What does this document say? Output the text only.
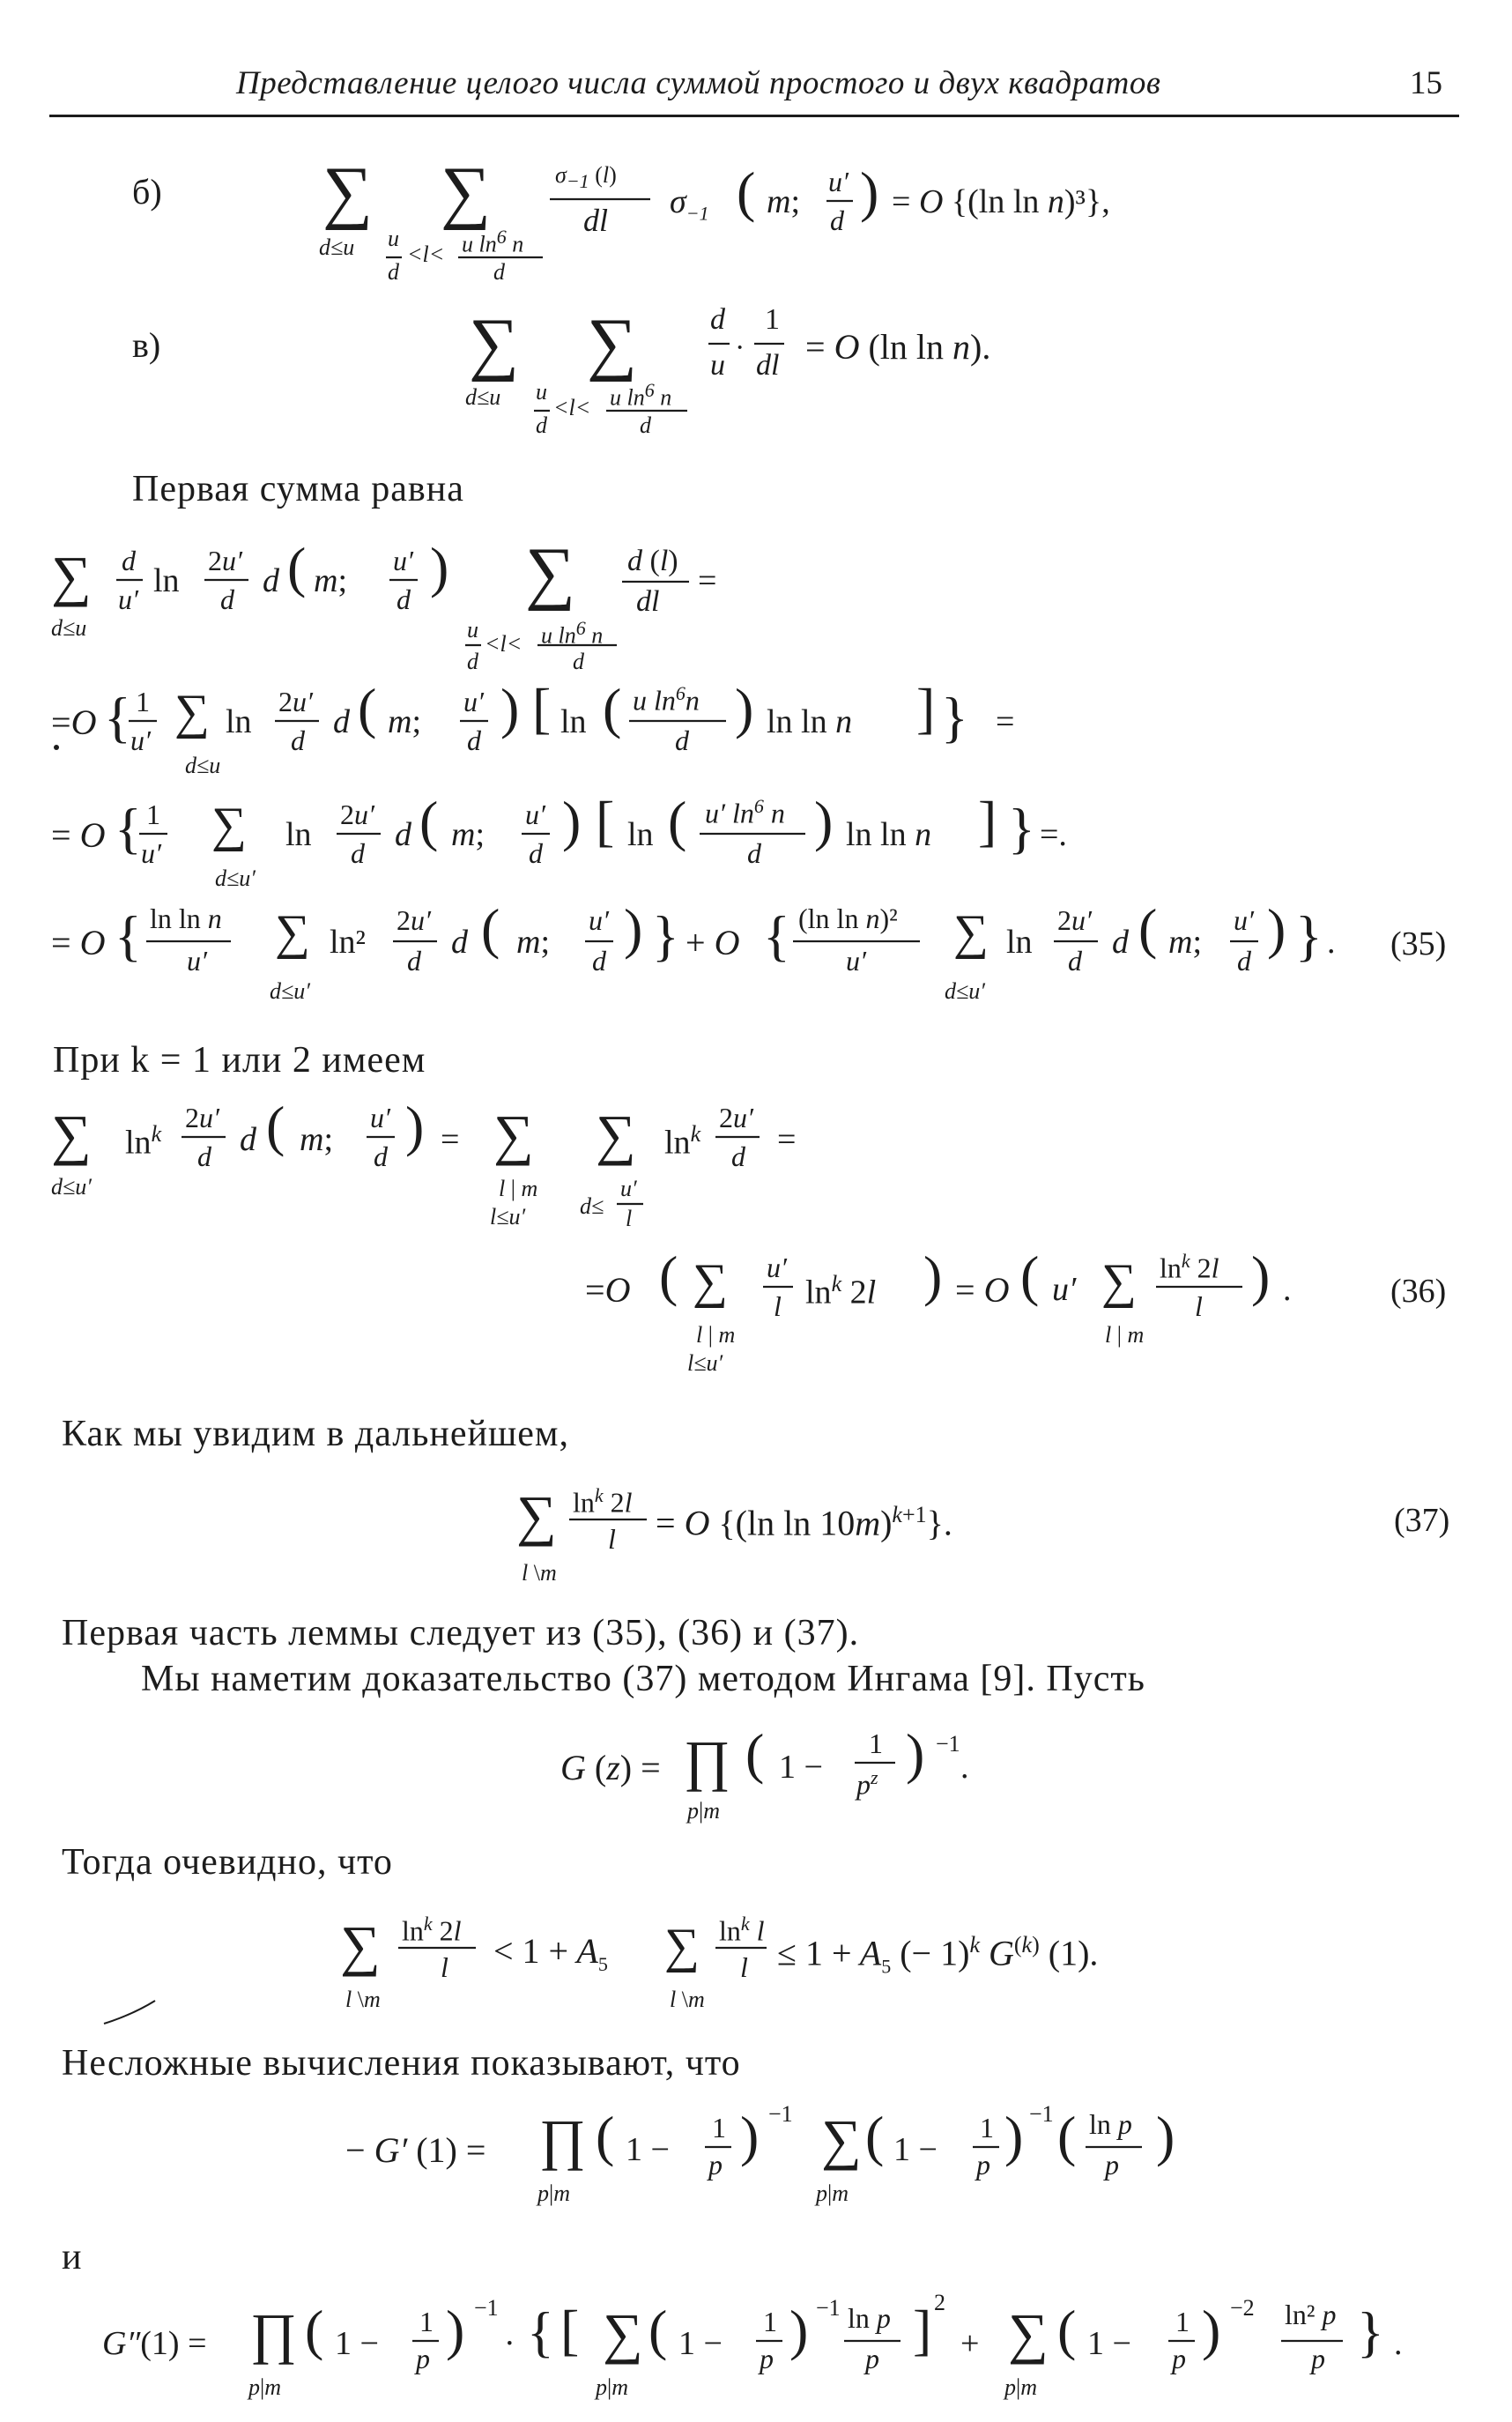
Представление целого числа суммой простого и двух квадратов	15
б)
в)
∑
d≤u
∑
u
d
<l< u $\ln^6 n$
d
$\sigma_{-1}$ (l)
dl $\sigma_{-1}$ ( m;
u′
d ) = O {(ln ln n)³},
∑
d≤u
∑
u
d
<l< u $\ln^6 n$
d
d
u
·
1
dl = O (ln ln n).
Первая сумма равна
∑
d≤u
d
u′ ln
2u′
d d ( m;
u′
d
) ∑
u
d
<l< u $\ln^6 n$
d
d (l)
dl
=
=O { 1
u′
∑
d≤u
ln
2u′
d d ( m;
u′
d
) [ ln ( u $\ln^6n$
d
) ln ln n ] } =
= O { 1
u′
∑
d≤u′
ln
2u′
d d ( m;
u′
d
) [ ln ( u′ $\ln^6 n$
d
) ln ln n ] } =.
= O { ln ln n
u′
∑
d≤u′
ln²
2u′
d d ( m;
u′
d
) } + O { (ln ln n)²
u′
∑
d≤u′
ln
2u′
d d ( m;
u′
d
) } . (35)
При k = 1 или 2 имеем
∑
d≤u′
$\ln^k$
2u′
d d ( m;
u′
d ) = ∑
l | m
l≤u′
∑
d≤
u′
l
$\ln^k$
2u′
d =
=O ( ∑
l | m
l≤u′
u′
l $\ln^k 2l$ ) = O ( u′ ∑
l | m
$\ln^k 2l$
l ) .	(36)
Как мы увидим в дальнейшем,
∑
l \m
$\ln^k 2l$
l = O {(ln ln 10m)$^{k+1}$}.	(37)
Первая часть леммы следует из (35), (36) и (37).
Мы наметим доказательство (37) методом Ингама [9]. Пусть
G (z) = ∏
p|m
( 1 −
1
$p^z$ ) −1
.
Тогда очевидно, что
∑
l \m
$\ln^k 2l$
$l < 1 + A_5$ ∑
l \m
$\ln^k l$
$l \le 1 + A_5$ (− 1)$^k$ $G^{(k)}$ (1).
Несложные вычисления показывают, что
− G′ (1) = ∏
p|m
( 1 −
1
p ) −1 ∑
p|m
( 1 −
1
p ) −1 ( ln p
p )
и
G″(1) = ∏
p|m
( 1 −
1
p ) −1
· { [ ∑
p|m
( 1 −
1
p ) −1 ln p
p ] 2
+ ∑
p|m
( 1 −
1
p ) −2 ln² p
p } .
